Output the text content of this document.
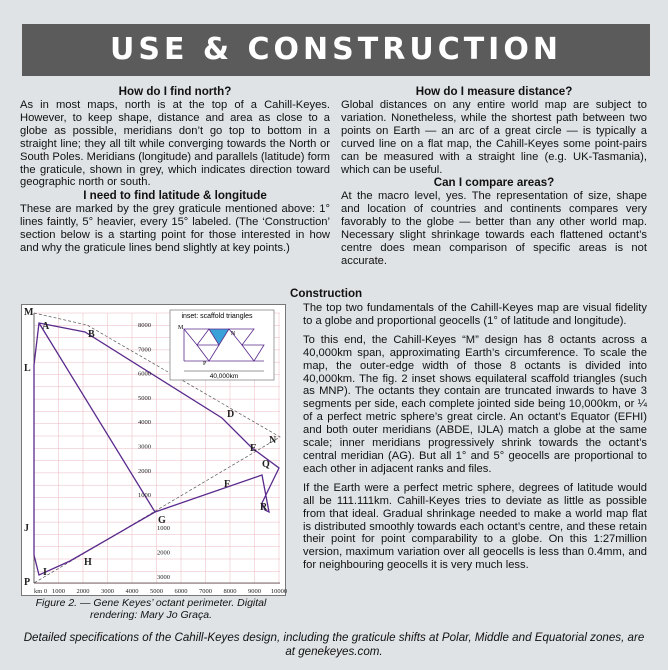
USE & CONSTRUCTION
How do I find north?

As in most maps, north is at the top of a Cahill-Keyes. However, to keep shape, distance and area as close to a globe as possible, meridians don’t go top to bottom in a straight line; they all tilt while converging towards the North or South Poles. Meridians (longitude) and parallels (latitude) form the graticule, shown in grey, which indicates direction toward geographic north or south.

I need to find latitude & longitude

These are marked by the grey graticule mentioned above: 1° lines faintly, 5° heavier, every 15° labeled. (The ‘Construction’ section below is a starting point for those interested in how and why the graticule lines bend slightly at key points.)

How do I measure distance?

Global distances on any entire world map are subject to variation. Nonetheless, while the shortest path between two points on Earth — an arc of a great circle — is typically a curved line on a flat map, the Cahill-Keyes some point-pairs can be measured with a straight line (e.g. UK-Tasmania), which can be useful.

Can I compare areas?

At the macro level, yes. The representation of size, shape and location of countries and continents compares very favorably to the globe — better than any other world map. Necessary slight shrinkage towards each flattened octant’s centre does mean comparison of specific areas is not accurate.

Construction
inset: scaffold triangles
M
N
P
40,000km
km 0 1000 2000 3000 4000 5000 6000 7000 8000 9000 10000
8000
7000
6000
5000
4000
3000
2000
1000
1000
2000
3000
M
A
B
L
D
E
N
Q
F
R
G
J
H
I
P

Figure 2. — Gene Keyes’ octant perimeter. Digital rendering: Mary Jo Graça.

The top two fundamentals of the Cahill-Keyes map are visual fidelity to a globe and proportional geocells (1° of latitude and longitude).

To this end, the Cahill-Keyes “M” design has 8 octants across a 40,000km span, approximating Earth’s circumference. To scale the map, the outer-edge width of those 8 octants is divided into 40,000km. The fig. 2 inset shows equilateral scaffold triangles (such as MNP). The octants they contain are truncated inwards to have 3 segments per side, each complete jointed side being 10,000km, or ¼ of a perfect metric sphere’s great circle. An octant’s Equator (EFHI) and both outer meridians (ABDE, IJLA) match a globe at the same scale; inner meridians progressively shrink towards the octant’s central meridian (AG). But all 1° and 5° geocells are proportional to each other in adjacent ranks and files.

If the Earth were a perfect metric sphere, degrees of latitude would all be 111.111km. Cahill-Keyes tries to deviate as little as possible from that ideal. Gradual shrinkage needed to make a world map flat is distributed smoothly towards each octant’s centre, and these retain their point for point comparability to a globe. On this 1:27million version, maximum variation over all geocells is less than 0.4mm, and for neighbouring geocells it is very much less.

Detailed specifications of the Cahill-Keyes design, including the graticule shifts at Polar, Middle and Equatorial zones, are at genekeyes.com.
